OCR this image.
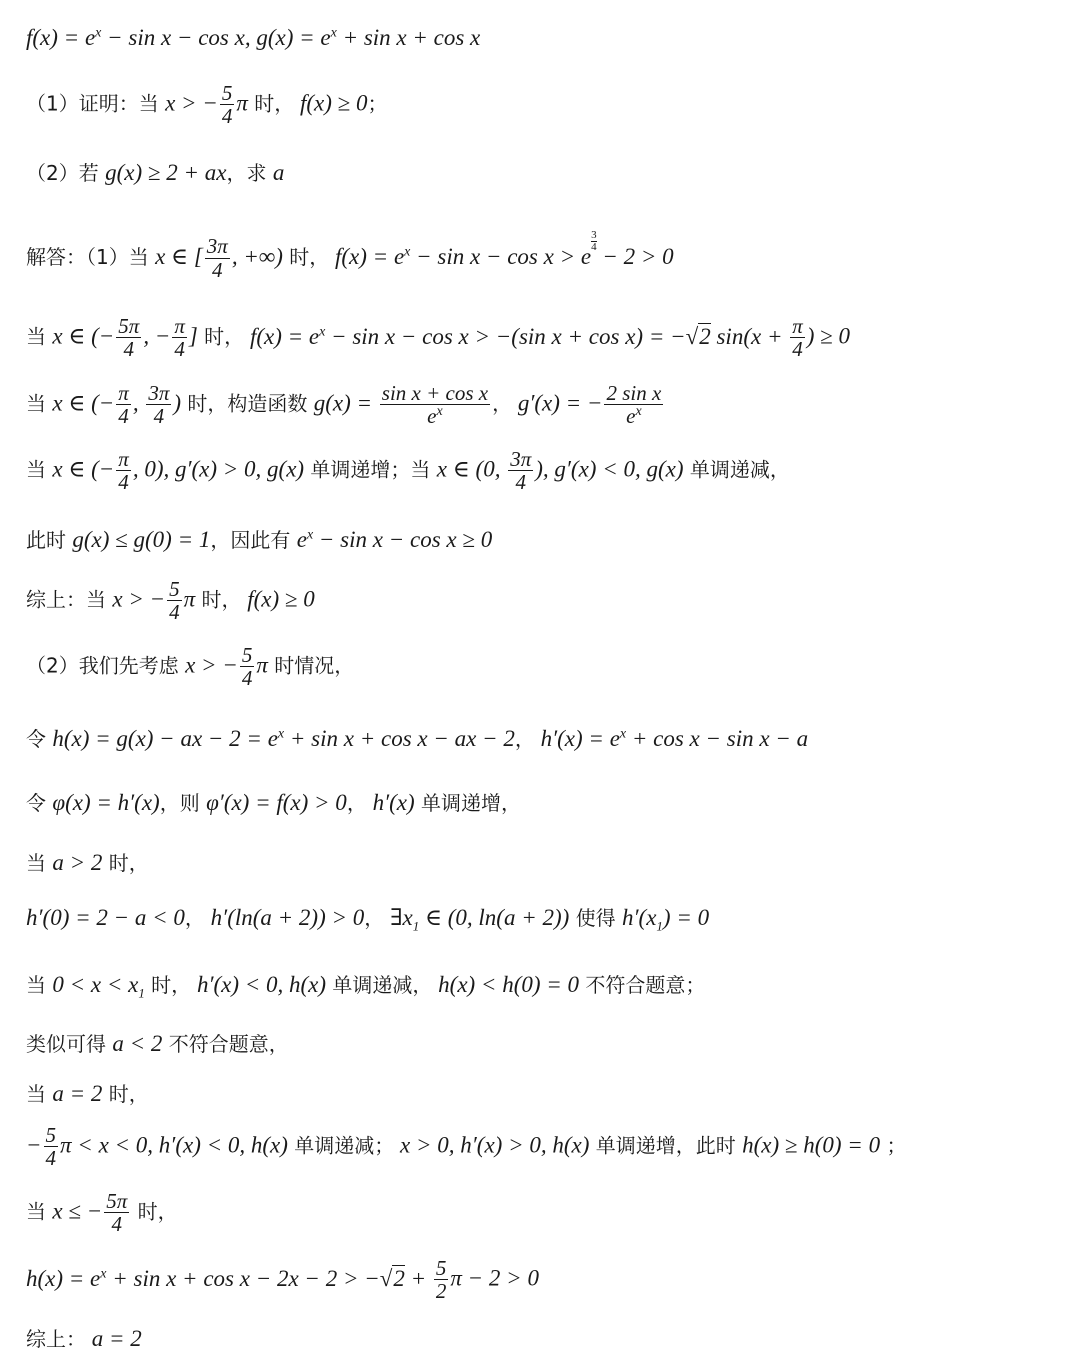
$f(x) = e^x - \sin x - \cos x$, $g(x) = e^x + \sin x + \cos x$
（1）证明：当 x > − $\frac{5}{4}$ π 时， f(x) ≥ 0；
（2）若 g(x) ≥ 2 + ax，求 a
解答：（1）当 x ∈ [ $\frac{3\pi}{4}$ , +∞) 时， $f(x) = e^x - \sin x - \cos x > e$
$\frac{3}{4}$
− 2 > 0
当 x ∈ (− $\frac{5\pi}{4}$ , − $\frac{\pi}{4}$ ] 时， $f(x) = e^x - \sin x - \cos x > -(\sin$ x + cos x) = −√2 $\sin(x + \frac{\pi}{4}$ ) ≥ 0
当 x ∈ (− $\frac{\pi}{4}$ , $\frac{3\pi}{4}$ ) 时，构造函数 $g(x) = \frac{\text{sin x + cos x}}{e^x}$ ， g′(x) = − $\frac{\text{2 sin x}}{e^x}$
当 x ∈ (− $\frac{\pi}{4}$ , 0), g′(x) > 0, g(x) 单调递增；当 x ∈ (0, $\frac{3\pi}{4}$ ), g′(x) < 0, g(x) 单调递减，
此时 g(x) ≤ g(0) = 1，因此有 $e^x - \sin x - \cos x \ge 0$
综上：当 x > − $\frac{5}{4}$ π 时， f(x) ≥ 0
（2）我们先考虑 x > − $\frac{5}{4}$ π 时情况，
令 h(x) = g(x) − ax − $2 = e^x + \sin x + \cos x$ − ax − 2， $h'(x) = e^x + \cos x - \sin x - a$
令 φ(x) = h′(x)，则 φ′(x) = f(x) > 0， h′(x) 单调递增，
当 a > 2 时，
h′(0) = 2 − a < 0， h′(ln(a + 2)) > 0， $\exists x_1$ ∈ (0, ln(a + 2)) 使得 $h'(x_1) = 0$
当 $0 < x < x_1$ 时， h′(x) < 0, h(x) 单调递减， h(x) < h(0) = 0 不符合题意；
类似可得 a < 2 不符合题意，
当 a = 2 时，
− $\frac{5}{4}$ π < x < 0, h′(x) < 0, h(x) 单调递减； x > 0, h′(x) > 0, h(x) 单调递增，此时 h(x) ≥ h(0) = 0 ；
当 x ≤ − $\frac{5\pi}{4}$ 时，
$h(x) = e^x + \sin x + \cos x - 2x - 2 > -√2 + \frac{5}{2}$ π − 2 > 0
综上： a = 2
